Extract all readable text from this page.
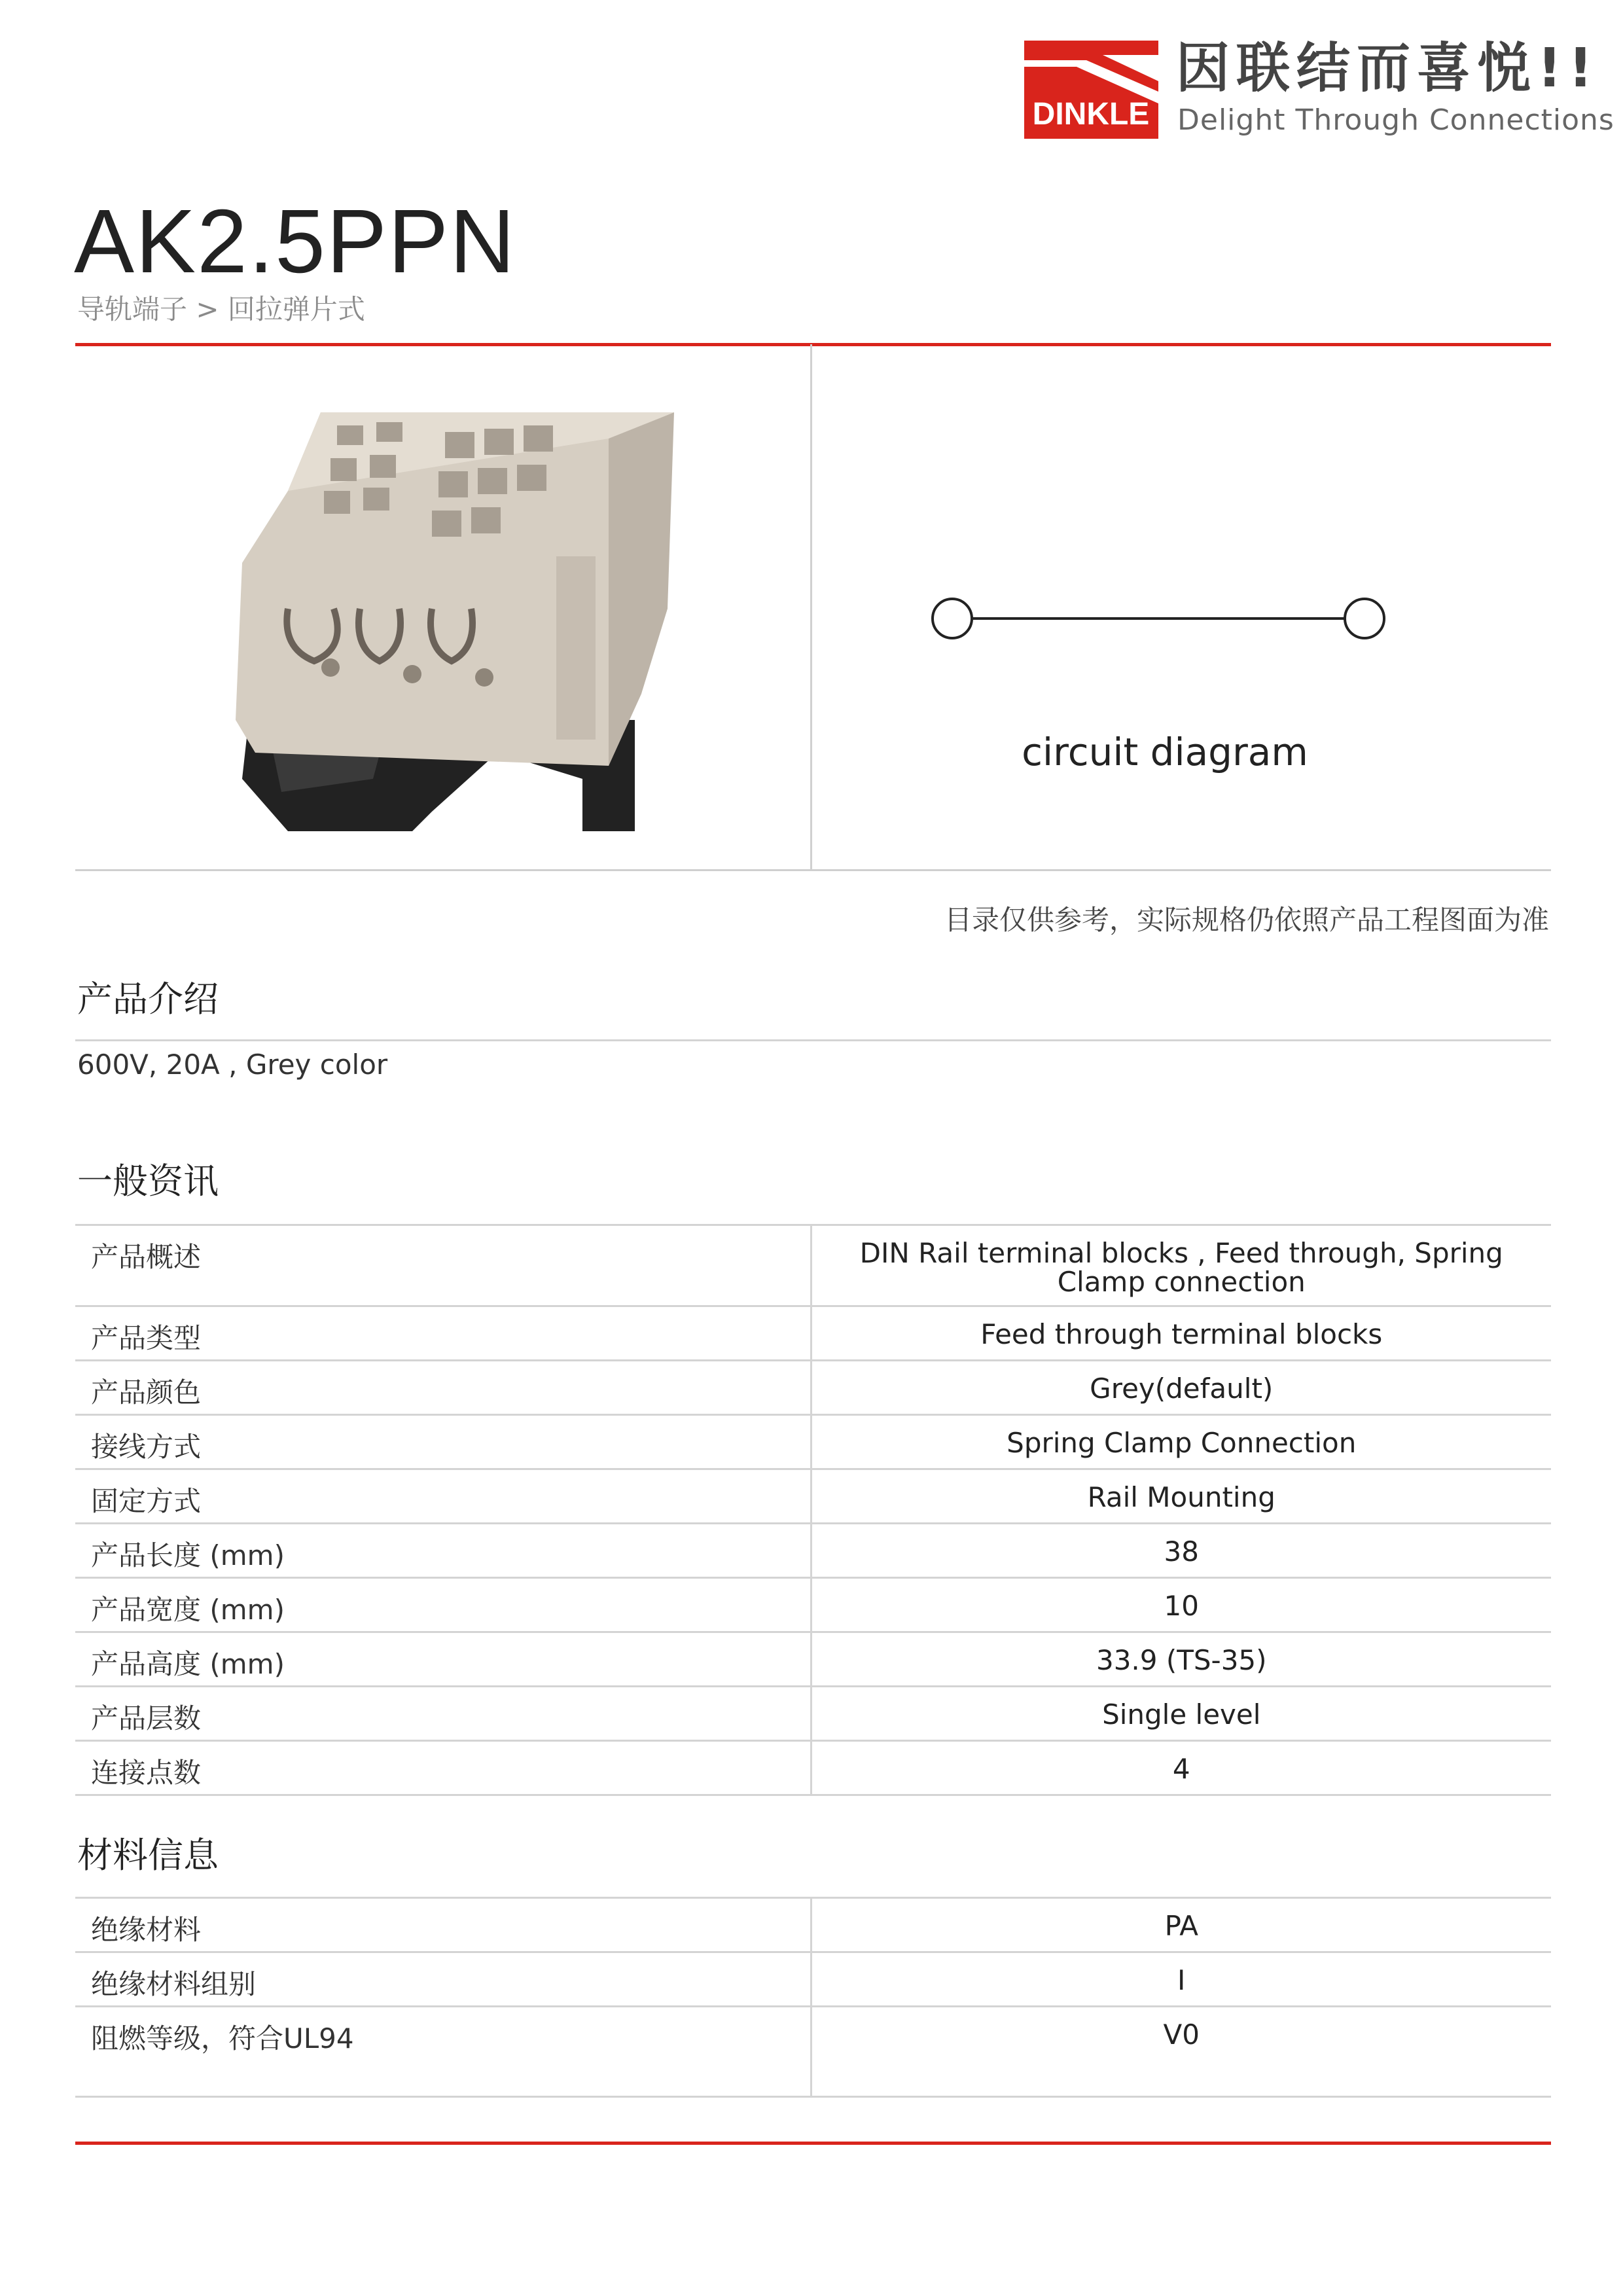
DINKLE
因联结而喜悦!!
Delight Through Connections
AK2.5PPN
导轨端子 > 回拉弹片式
circuit diagram
目录仅供参考，实际规格仍依照产品工程图面为准
产品介绍
600V, 20A , Grey color
一般资讯
产品概述	DIN Rail terminal blocks , Feed through, Spring Clamp connection
产品类型	Feed through terminal blocks
产品颜色	Grey(default)
接线方式	Spring Clamp Connection
固定方式	Rail Mounting
产品长度 (mm)	38
产品宽度 (mm)	10
产品高度 (mm)	33.9 (TS-35)
产品层数	Single level
连接点数	4
材料信息
绝缘材料	PA
绝缘材料组别	I
阻燃等级，符合UL94	V0
